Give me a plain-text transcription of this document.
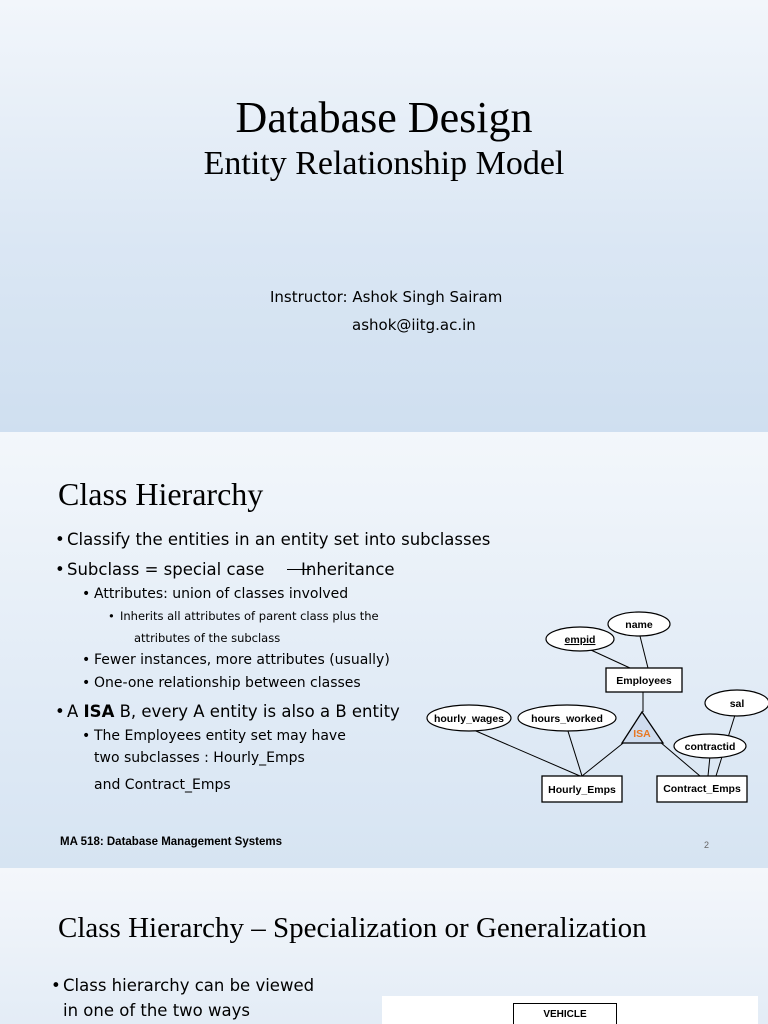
Database Design
Entity Relationship Model
Instructor: Ashok Singh Sairam
ashok@iitg.ac.in
Class Hierarchy
• Classify the entities in an entity set into subclasses
• Subclass = special case Inheritance
• Attributes: union of classes involved
• Inherits all attributes of parent class plus the
attributes of the subclass
• Fewer instances, more attributes (usually)
• One-one relationship between classes
• A ISA B, every A entity is also a B entity
• The Employees entity set may have
two subclasses : Hourly_Emps
and Contract_Emps
ISA
name
empid
hourly_wages	hours_worked
sal
contractid
Employees
Hourly_Emps	Contract_Emps
MA 518: Database Management Systems	2
Class Hierarchy – Specialization or Generalization
• Class hierarchy can be viewed
in one of the two ways	VEHICLE
